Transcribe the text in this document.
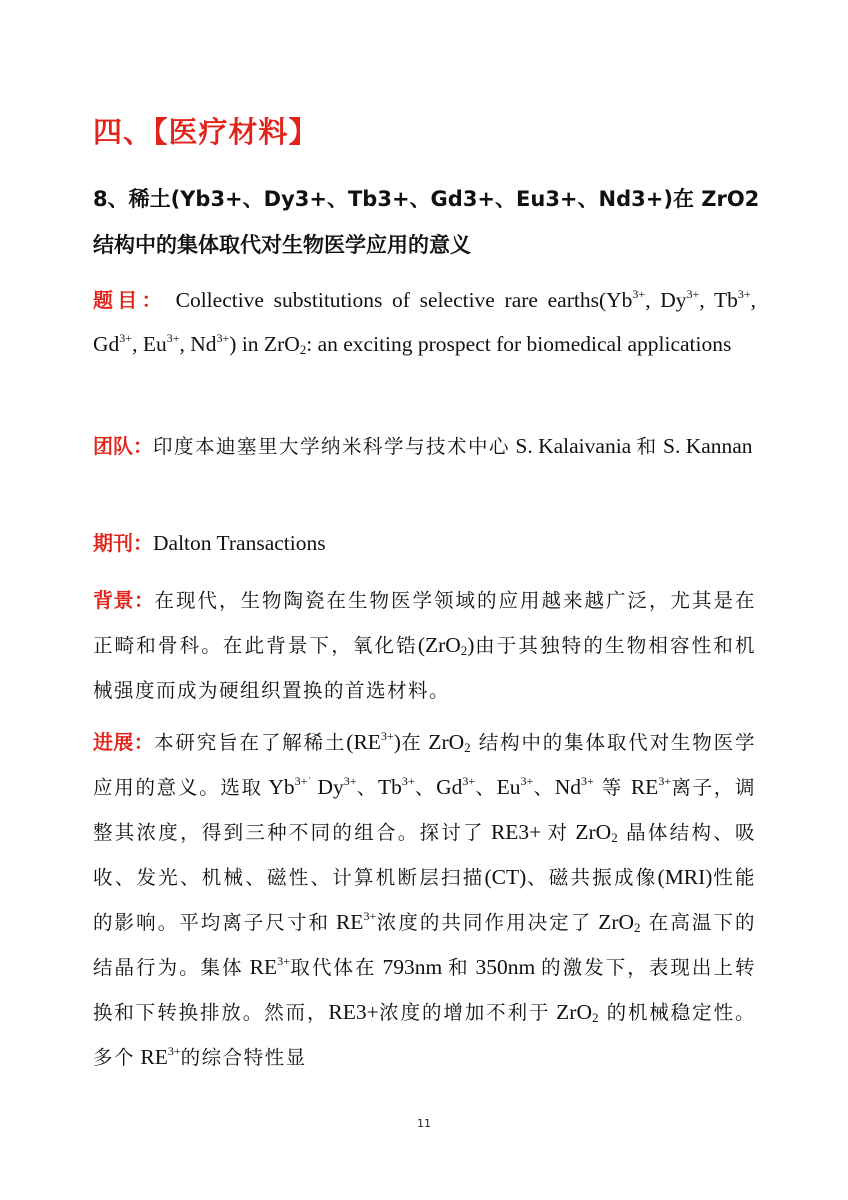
四、【医疗材料】
8、稀土(Yb3+、Dy3+、Tb3+、Gd3+、Eu3+、Nd3+)在 ZrO2 结构中的集体取代对生物医学应用的意义

题目： Collective substitutions of selective rare $earths(Yb^{3+}$, $Dy^{3+}$, $Tb^{3+}$, $Gd^{3+}$, $Eu^{3+}$, $Nd^{3+}$) in ZrO$_2$: an exciting prospect for biomedical applications

团队：印度本迪塞里大学纳米科学与技术中心 S. Kalaivania 和 S. Kannan

期刊：Dalton Transactions

背景：在现代，生物陶瓷在生物医学领域的应用越来越广泛，尤其是在正畸和骨科。在此背景下，氧化锆(ZrO$_2$)由于其独特的生物相容性和机械强度而成为硬组织置换的首选材料。

进展：本研究旨在了解稀土$(RE^{3+})$在 ZrO$_2$ 结构中的集体取代对生物医学应用的意义。选取 $Yb^{3+˙}$ $Dy^{3+}$、$Tb^{3+}$、$Gd^{3+}$、$Eu^{3+}$、$Nd^{3+}$ 等 $RE^{3+}$离子，调整其浓度，得到三种不同的组合。探讨了 RE3+ 对 ZrO$_2$ 晶体结构、吸收、发光、机械、磁性、计算机断层扫描(CT)、磁共振成像(MRI)性能的影响。平均离子尺寸和 $RE^{3+}$浓度的共同作用决定了 ZrO$_2$ 在高温下的结晶行为。集体 $RE^{3+}$取代体在 793nm 和 350nm 的激发下，表现出上转换和下转换排放。然而，RE3+浓度的增加不利于 ZrO$_2$ 的机械稳定性。多个 $RE^{3+}$的综合特性显

11
